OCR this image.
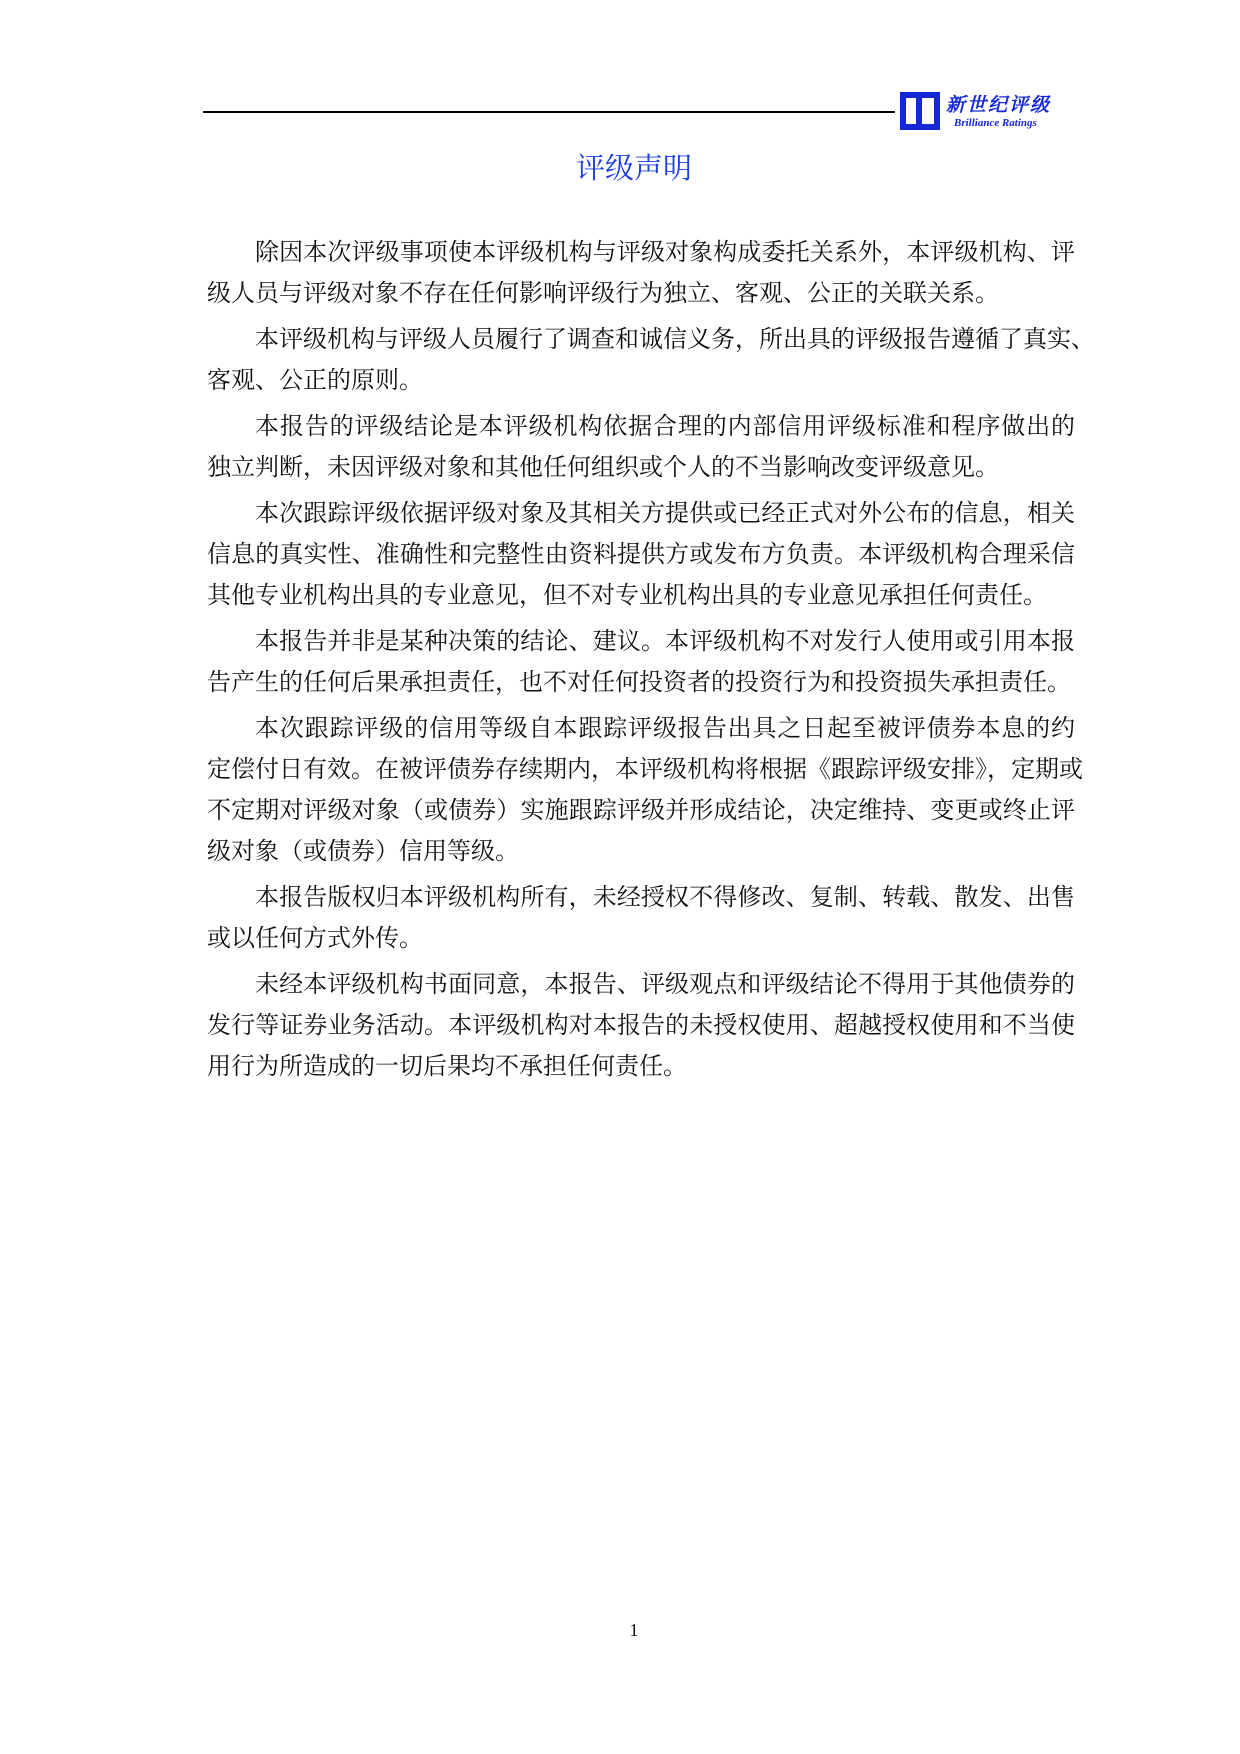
新世纪评级
Brilliance Ratings
评级声明
除因本次评级事项使本评级机构与评级对象构成委托关系外，本评级机构、评
级人员与评级对象不存在任何影响评级行为独立、客观、公正的关联关系。
本评级机构与评级人员履行了调查和诚信义务，所出具的评级报告遵循了真实、
客观、公正的原则。
本报告的评级结论是本评级机构依据合理的内部信用评级标准和程序做出的
独立判断，未因评级对象和其他任何组织或个人的不当影响改变评级意见。
本次跟踪评级依据评级对象及其相关方提供或已经正式对外公布的信息，相关
信息的真实性、准确性和完整性由资料提供方或发布方负责。本评级机构合理采信
其他专业机构出具的专业意见，但不对专业机构出具的专业意见承担任何责任。
本报告并非是某种决策的结论、建议。本评级机构不对发行人使用或引用本报
告产生的任何后果承担责任，也不对任何投资者的投资行为和投资损失承担责任。
本次跟踪评级的信用等级自本跟踪评级报告出具之日起至被评债券本息的约
定偿付日有效。在被评债券存续期内，本评级机构将根据《跟踪评级安排》，定期或
不定期对评级对象（或债券）实施跟踪评级并形成结论，决定维持、变更或终止评
级对象（或债券）信用等级。
本报告版权归本评级机构所有，未经授权不得修改、复制、转载、散发、出售
或以任何方式外传。
未经本评级机构书面同意，本报告、评级观点和评级结论不得用于其他债券的
发行等证券业务活动。本评级机构对本报告的未授权使用、超越授权使用和不当使
用行为所造成的一切后果均不承担任何责任。
1
